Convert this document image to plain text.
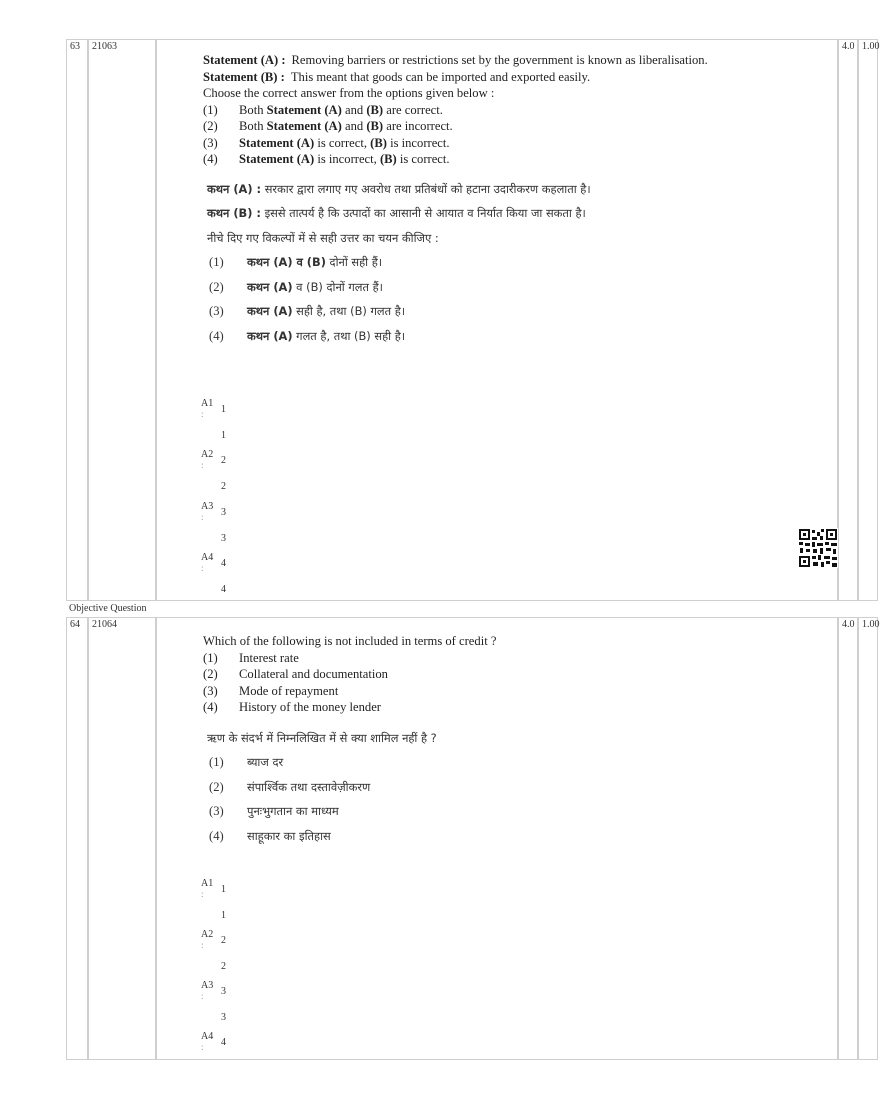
63 21063
Statement (A) : Removing barriers or restrictions set by the government is known as liberalisation.
Statement (B) : This meant that goods can be imported and exported easily.
Choose the correct answer from the options given below :
(1)	Both Statement (A) and (B) are correct.
(2)	Both Statement (A) and (B) are incorrect.
(3)	Statement (A) is correct, (B) is incorrect.
(4)	Statement (A) is incorrect, (B) is correct.
कथन (A) : सरकार द्वारा लगाए गए अवरोध तथा प्रतिबंधों को हटाना उदारीकरण कहलाता है।
कथन (B) : इससे तात्पर्य है कि उत्पादों का आसानी से आयात व निर्यात किया जा सकता है।
नीचे दिए गए विकल्पों में से सही उत्तर का चयन कीजिए :
(1)	कथन (A) व (B) दोनों सही हैं।
(2)	कथन (A) व (B) दोनों गलत हैं।
(3)	कथन (A) सही है, तथा (B) गलत है।
(4)	कथन (A) गलत है, तथा (B) सही है।
A1
: 1
1
A2
: 2
2
A3
: 3
3
A4
: 4
4
4.0 1.00
Objective Question
64 21064
Which of the following is not included in terms of credit ?
(1)	Interest rate
(2)	Collateral and documentation
(3)	Mode of repayment
(4)	History of the money lender
ऋण के संदर्भ में निम्नलिखित में से क्या शामिल नहीं है ?
(1)	ब्याज दर
(2)	संपार्श्विक तथा दस्तावेज़ीकरण
(3)	पुनःभुगतान का माध्यम
(4)	साहूकार का इतिहास
A1
: 1
1
A2
: 2
2
A3
: 3
3
A4
: 4
4.0 1.00
